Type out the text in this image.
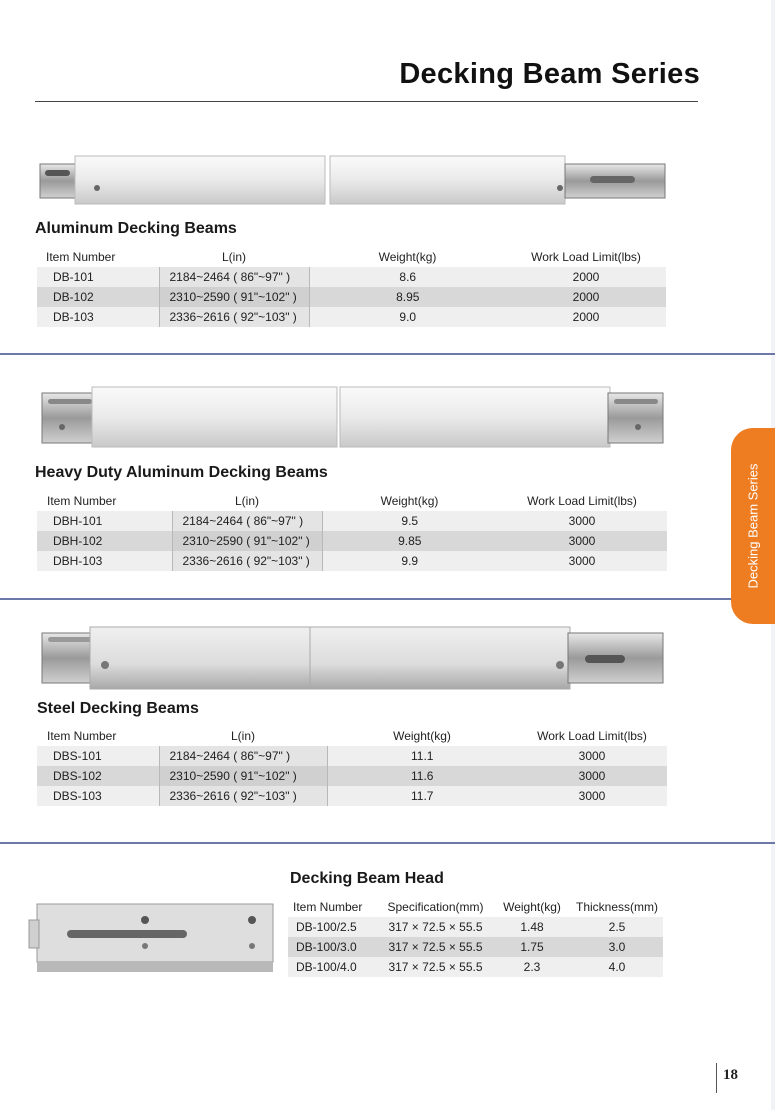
Decking Beam Series
Aluminum Decking Beams
Item Number	L(in)	Weight(kg)	Work Load Limit(lbs)
DB-101	2184~2464 ( 86"~97" )	8.6	2000
DB-102	2310~2590 ( 91"~102" )	8.95	2000
DB-103	2336~2616 ( 92"~103" )	9.0	2000
Heavy Duty Aluminum Decking Beams
Item Number	L(in)	Weight(kg)	Work Load Limit(lbs)
DBH-101	2184~2464 ( 86"~97" )	9.5	3000
DBH-102	2310~2590 ( 91"~102" )	9.85	3000
DBH-103	2336~2616 ( 92"~103" )	9.9	3000
Steel Decking Beams
Item Number	L(in)	Weight(kg)	Work Load Limit(lbs)
DBS-101	2184~2464 ( 86"~97" )	11.1	3000
DBS-102	2310~2590 ( 91"~102" )	11.6	3000
DBS-103	2336~2616 ( 92"~103" )	11.7	3000
Decking Beam Head
Item Number	Specification(mm)	Weight(kg)	Thickness(mm)
DB-100/2.5	317 × 72.5 × 55.5	1.48	2.5
DB-100/3.0	317 × 72.5 × 55.5	1.75	3.0
DB-100/4.0	317 × 72.5 × 55.5	2.3	4.0
Decking Beam Series
18
